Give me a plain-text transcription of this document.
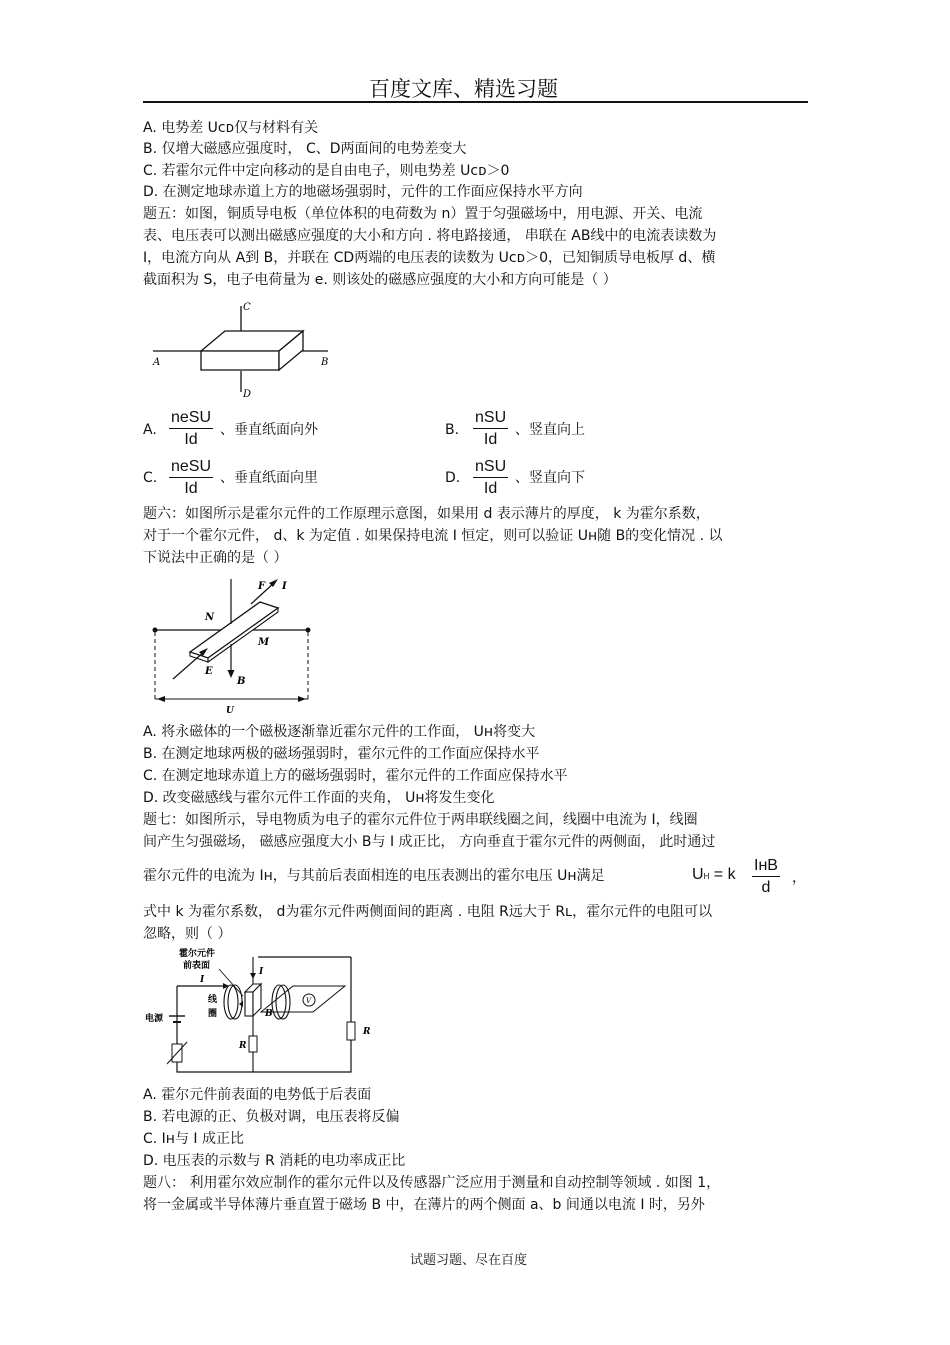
百度文库、精选习题
A. 电势差 Uᴄᴅ仅与材料有关
B. 仅增大磁感应强度时， C、D两面间的电势差变大
C. 若霍尔元件中定向移动的是自由电子，则电势差 Uᴄᴅ＞0
D. 在测定地球赤道上方的地磁场强弱时，元件的工作面应保持水平方向
题五：如图，铜质导电板（单位体积的电荷数为 n）置于匀强磁场中，用电源、开关、电流
表、电压表可以测出磁感应强度的大小和方向 . 将电路接通， 串联在 AB线中的电流表读数为
I，电流方向从 A到 B，并联在 CD两端的电压表的读数为 Uᴄᴅ＞0，已知铜质导电板厚 d、横
截面积为 S，电子电荷量为 e. 则该处的磁感应强度的大小和方向可能是（ ）
C
D
A	B
A.
neSU
Id
、垂直纸面向外	B.
nSU
Id
、竖直向上
C.
neSU
Id
、垂直纸面向里	D.
nSU
Id
、竖直向下
题六：如图所示是霍尔元件的工作原理示意图，如果用 d 表示薄片的厚度， k 为霍尔系数，
对于一个霍尔元件， d、k 为定值 . 如果保持电流 I 恒定，则可以验证 Uʜ随 B的变化情况 . 以
下说法中正确的是（ ）
F I
N
M
E
B
U
A. 将永磁体的一个磁极逐渐靠近霍尔元件的工作面， Uʜ将变大
B. 在测定地球两极的磁场强弱时，霍尔元件的工作面应保持水平
C. 在测定地球赤道上方的磁场强弱时，霍尔元件的工作面应保持水平
D. 改变磁感线与霍尔元件工作面的夹角， Uʜ将发生变化
题七：如图所示，导电物质为电子的霍尔元件位于两串联线圈之间，线圈中电流为 I，线圈
间产生匀强磁场， 磁感应强度大小 B与 I 成正比， 方向垂直于霍尔元件的两侧面， 此时通过
霍尔元件的电流为 Iʜ，与其前后表面相连的电压表测出的霍尔电压 Uʜ满足	UH = k
IʜB
d
，
式中 k 为霍尔系数， d为霍尔元件两侧面间的距离 . 电阻 R远大于 Rʟ，霍尔元件的电阻可以
忽略，则（ ）
V
霍尔元件
前表面
I
I
线
圈
电源	B
R
R
A. 霍尔元件前表面的电势低于后表面
B. 若电源的正、负极对调，电压表将反偏
C. Iʜ与 I 成正比
D. 电压表的示数与 R 消耗的电功率成正比
题八： 利用霍尔效应制作的霍尔元件以及传感器广泛应用于测量和自动控制等领域 . 如图 1，
将一金属或半导体薄片垂直置于磁场 B 中，在薄片的两个侧面 a、b 间通以电流 I 时，另外
试题习题、尽在百度
